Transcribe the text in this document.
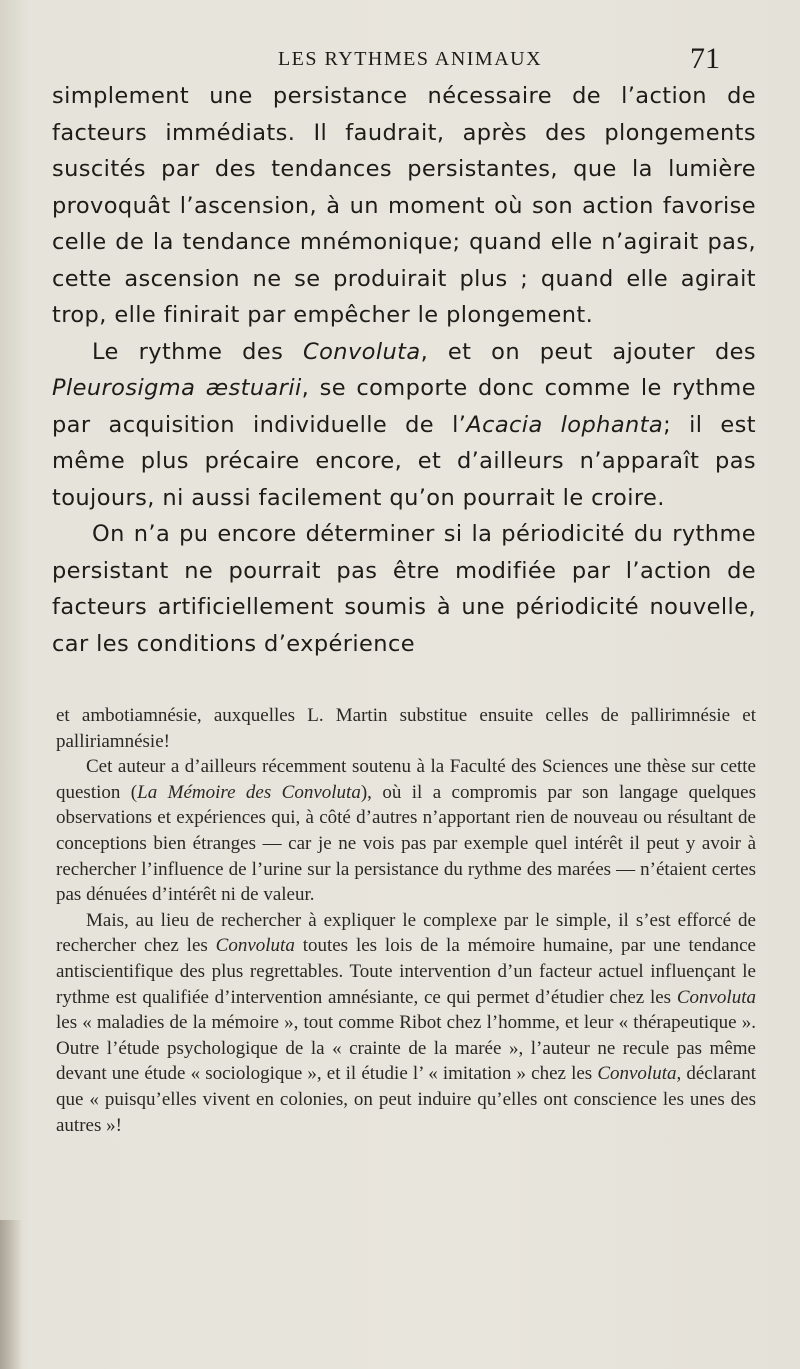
LES RYTHMES ANIMAUX	71

simplement une persistance nécessaire de l’action de facteurs immédiats. Il faudrait, après des plongements suscités par des tendances persistantes, que la lumière provoquât l’ascension, à un moment où son action favorise celle de la tendance mnémonique; quand elle n’agirait pas, cette ascension ne se produirait plus ; quand elle agirait trop, elle finirait par empêcher le plongement.

Le rythme des Convoluta, et on peut ajouter des Pleurosigma æstuarii, se comporte donc comme le rythme par acquisition individuelle de l’Acacia lophanta; il est même plus précaire encore, et d’ailleurs n’apparaît pas toujours, ni aussi facilement qu’on pourrait le croire.

On n’a pu encore déterminer si la périodicité du rythme persistant ne pourrait pas être modifiée par l’action de facteurs artificiellement soumis à une périodicité nouvelle, car les conditions d’expérience

et ambotiamnésie, auxquelles L. Martin substitue ensuite celles de pallirimnésie et palliriamnésie!

Cet auteur a d’ailleurs récemment soutenu à la Faculté des Sciences une thèse sur cette question (La Mémoire des Convoluta), où il a compromis par son langage quelques observations et expériences qui, à côté d’autres n’apportant rien de nouveau ou résultant de conceptions bien étranges — car je ne vois pas par exemple quel intérêt il peut y avoir à rechercher l’influence de l’urine sur la persistance du rythme des marées — n’étaient certes pas dénuées d’intérêt ni de valeur.

Mais, au lieu de rechercher à expliquer le complexe par le simple, il s’est efforcé de rechercher chez les Convoluta toutes les lois de la mémoire humaine, par une tendance antiscientifique des plus regrettables. Toute intervention d’un facteur actuel influençant le rythme est qualifiée d’intervention amnésiante, ce qui permet d’étudier chez les Convoluta les « maladies de la mémoire », tout comme Ribot chez l’homme, et leur « thérapeutique ». Outre l’étude psychologique de la « crainte de la marée », l’auteur ne recule pas même devant une étude « sociologique », et il étudie l’ « imitation » chez les Convoluta, déclarant que « puisqu’elles vivent en colonies, on peut induire qu’elles ont conscience les unes des autres »!
